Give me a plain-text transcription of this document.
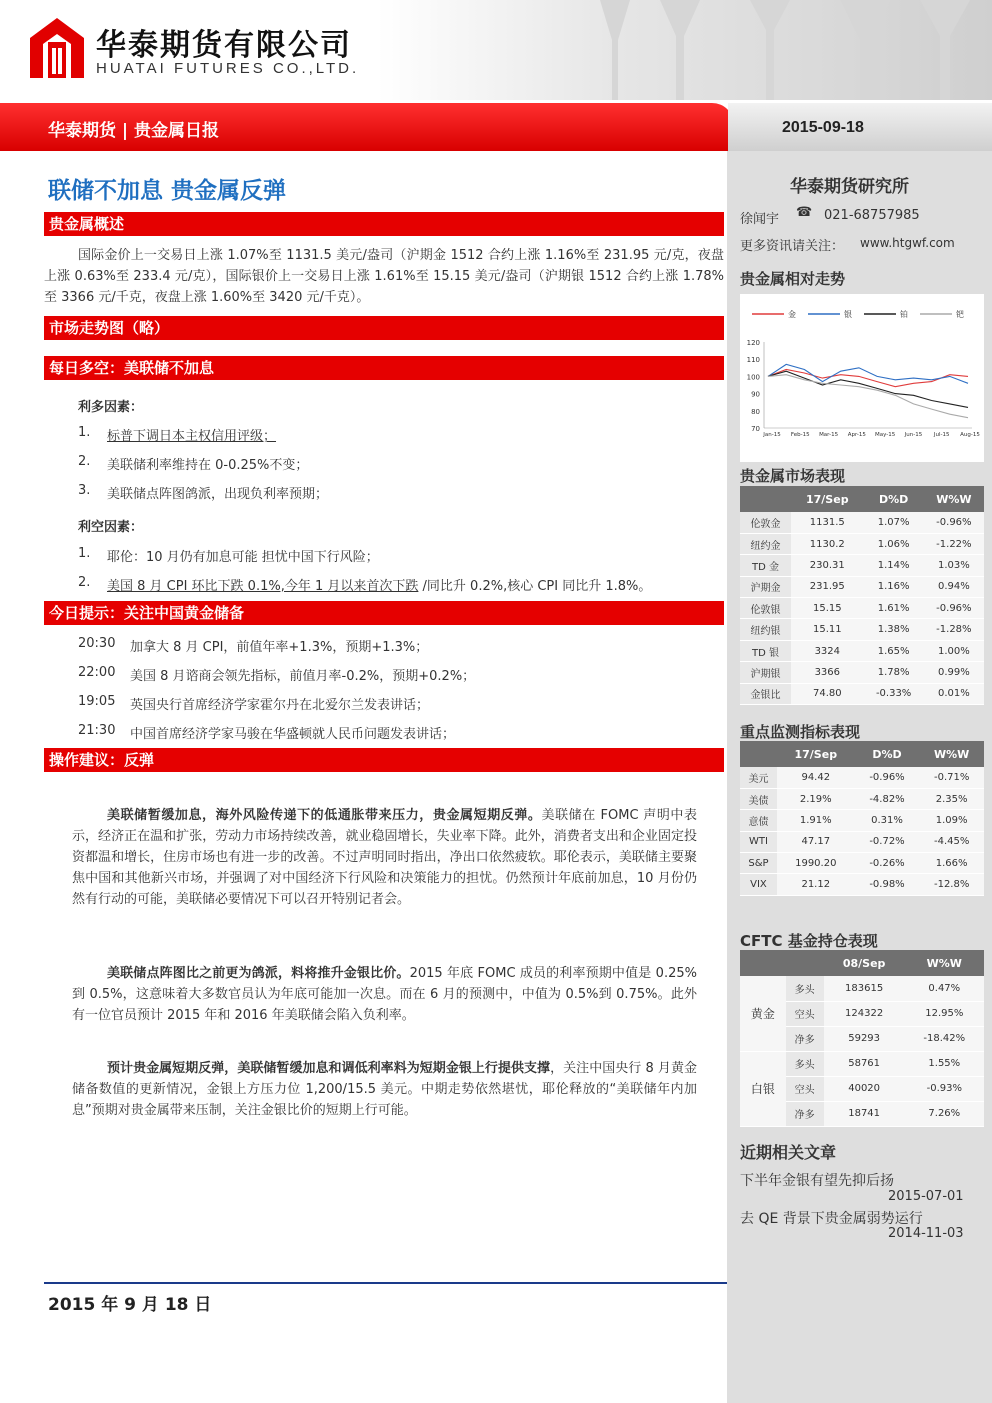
华泰期货有限公司
HUATAI FUTURES CO.,LTD.
华泰期货 | 贵金属日报	2015-09-18
联储不加息 贵金属反弹
贵金属概述
国际金价上一交易日上涨 1.07%至 1131.5 美元/盎司（沪期金 1512 合约上涨 1.16%至 231.95 元/克，夜盘上涨 0.63%至 233.4 元/克），国际银价上一交易日上涨 1.61%至 15.15 美元/盎司（沪期银 1512 合约上涨 1.78%至 3366 元/千克，夜盘上涨 1.60%至 3420 元/千克）。
市场走势图（略）
每日多空：美联储不加息
利多因素：
1. 标普下调日本主权信用评级；
2. 美联储利率维持在 0-0.25%不变；
3. 美联储点阵图鸽派，出现负利率预期；
利空因素：
1. 耶伦：10 月仍有加息可能 担忧中国下行风险；
2. 美国 8 月 CPI 环比下跌 0.1%,今年 1 月以来首次下跌 /同比升 0.2%,核心 CPI 同比升 1.8%。
今日提示：关注中国黄金储备
20:30 加拿大 8 月 CPI，前值年率+1.3%，预期+1.3%；
22:00 美国 8 月谘商会领先指标，前值月率-0.2%，预期+0.2%；
19:05 英国央行首席经济学家霍尔丹在北爱尔兰发表讲话；
21:30 中国首席经济学家马骏在华盛顿就人民币问题发表讲话；
操作建议：反弹
美联储暂缓加息，海外风险传递下的低通胀带来压力，贵金属短期反弹。美联储在 FOMC 声明中表示，经济正在温和扩张，劳动力市场持续改善，就业稳固增长，失业率下降。此外，消费者支出和企业固定投资都温和增长，住房市场也有进一步的改善。不过声明同时指出，净出口依然疲软。耶伦表示，美联储主要聚焦中国和其他新兴市场，并强调了对中国经济下行风险和决策能力的担忧。仍然预计年底前加息，10 月份仍然有行动的可能，美联储必要情况下可以召开特别记者会。
美联储点阵图比之前更为鸽派，料将推升金银比价。2015 年底 FOMC 成员的利率预期中值是 0.25%到 0.5%，这意味着大多数官员认为年底可能加一次息。而在 6 月的预测中，中值为 0.5%到 0.75%。此外有一位官员预计 2015 年和 2016 年美联储会陷入负利率。
预计贵金属短期反弹，美联储暂缓加息和调低利率料为短期金银上行提供支撑，关注中国央行 8 月黄金储备数值的更新情况，金银上方压力位 1,200/15.5 美元。中期走势依然堪忧，耶伦释放的“美联储年内加息”预期对贵金属带来压制，关注金银比价的短期上行可能。
华泰期货研究所
徐闻宇 ☎ 021-68757985
更多资讯请关注： www.htgwf.com
贵金属相对走势
金	银	铂	钯
70
80
90
100
110
120
Jan-15 Feb-15 Mar-15 Apr-15 May-15 Jun-15 Jul-15 Aug-15
贵金属市场表现
	17/Sep	D%D	W%W
伦敦金	1131.5	1.07%	-0.96%
纽约金	1130.2	1.06%	-1.22%
TD 金	230.31	1.14%	1.03%
沪期金	231.95	1.16%	0.94%
伦敦银	15.15	1.61%	-0.96%
纽约银	15.11	1.38%	-1.28%
TD 银	3324	1.65%	1.00%
沪期银	3366	1.78%	0.99%
金银比	74.80	-0.33%	0.01%
重点监测指标表现
	17/Sep	D%D	W%W
美元	94.42	-0.96%	-0.71%
美债	2.19%	-4.82%	2.35%
意债	1.91%	0.31%	1.09%
WTI	47.17	-0.72%	-4.45%
S&P	1990.20	-0.26%	1.66%
VIX	21.12	-0.98%	-12.8%
CFTC 基金持仓表现
		08/Sep	W%W
黄金	多头	183615	0.47%
	空头	124322	12.95%
	净多	59293	-18.42%
白银	多头	58761	1.55%
	空头	40020	-0.93%
	净多	18741	7.26%
近期相关文章
下半年金银有望先抑后扬
2015-07-01
去 QE 背景下贵金属弱势运行
2014-11-03
2015 年 9 月 18 日
